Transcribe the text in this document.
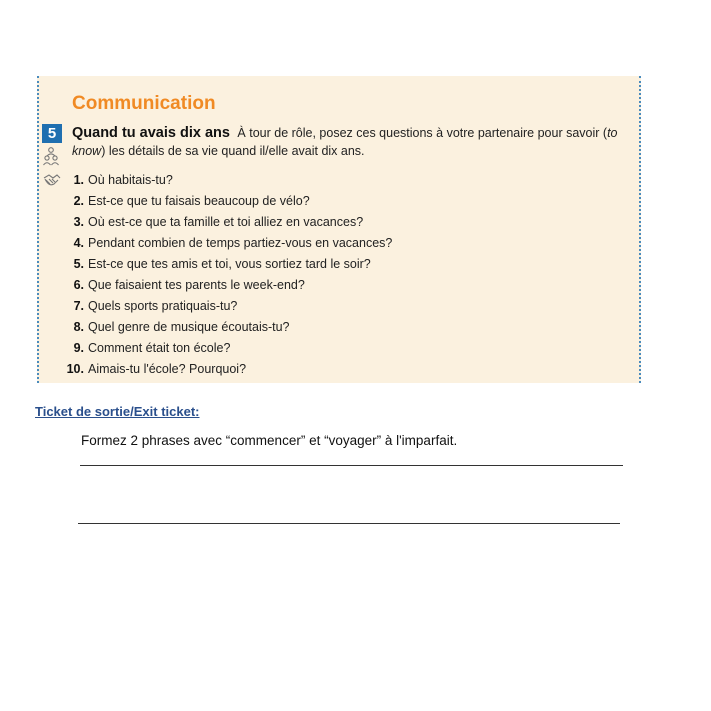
Communication
5	Quand tu avais dix ans À tour de rôle, posez ces questions à votre partenaire pour savoir (to know) les détails de sa vie quand il/elle avait dix ans.
1. Où habitais-tu?
2. Est-ce que tu faisais beaucoup de vélo?
3. Où est-ce que ta famille et toi alliez en vacances?
4. Pendant combien de temps partiez-vous en vacances?
5. Est-ce que tes amis et toi, vous sortiez tard le soir?
6. Que faisaient tes parents le week-end?
7. Quels sports pratiquais-tu?
8. Quel genre de musique écoutais-tu?
9. Comment était ton école?
10. Aimais-tu l'école? Pourquoi?
Ticket de sortie/Exit ticket:
Formez 2 phrases avec “commencer” et “voyager” à l'imparfait.
